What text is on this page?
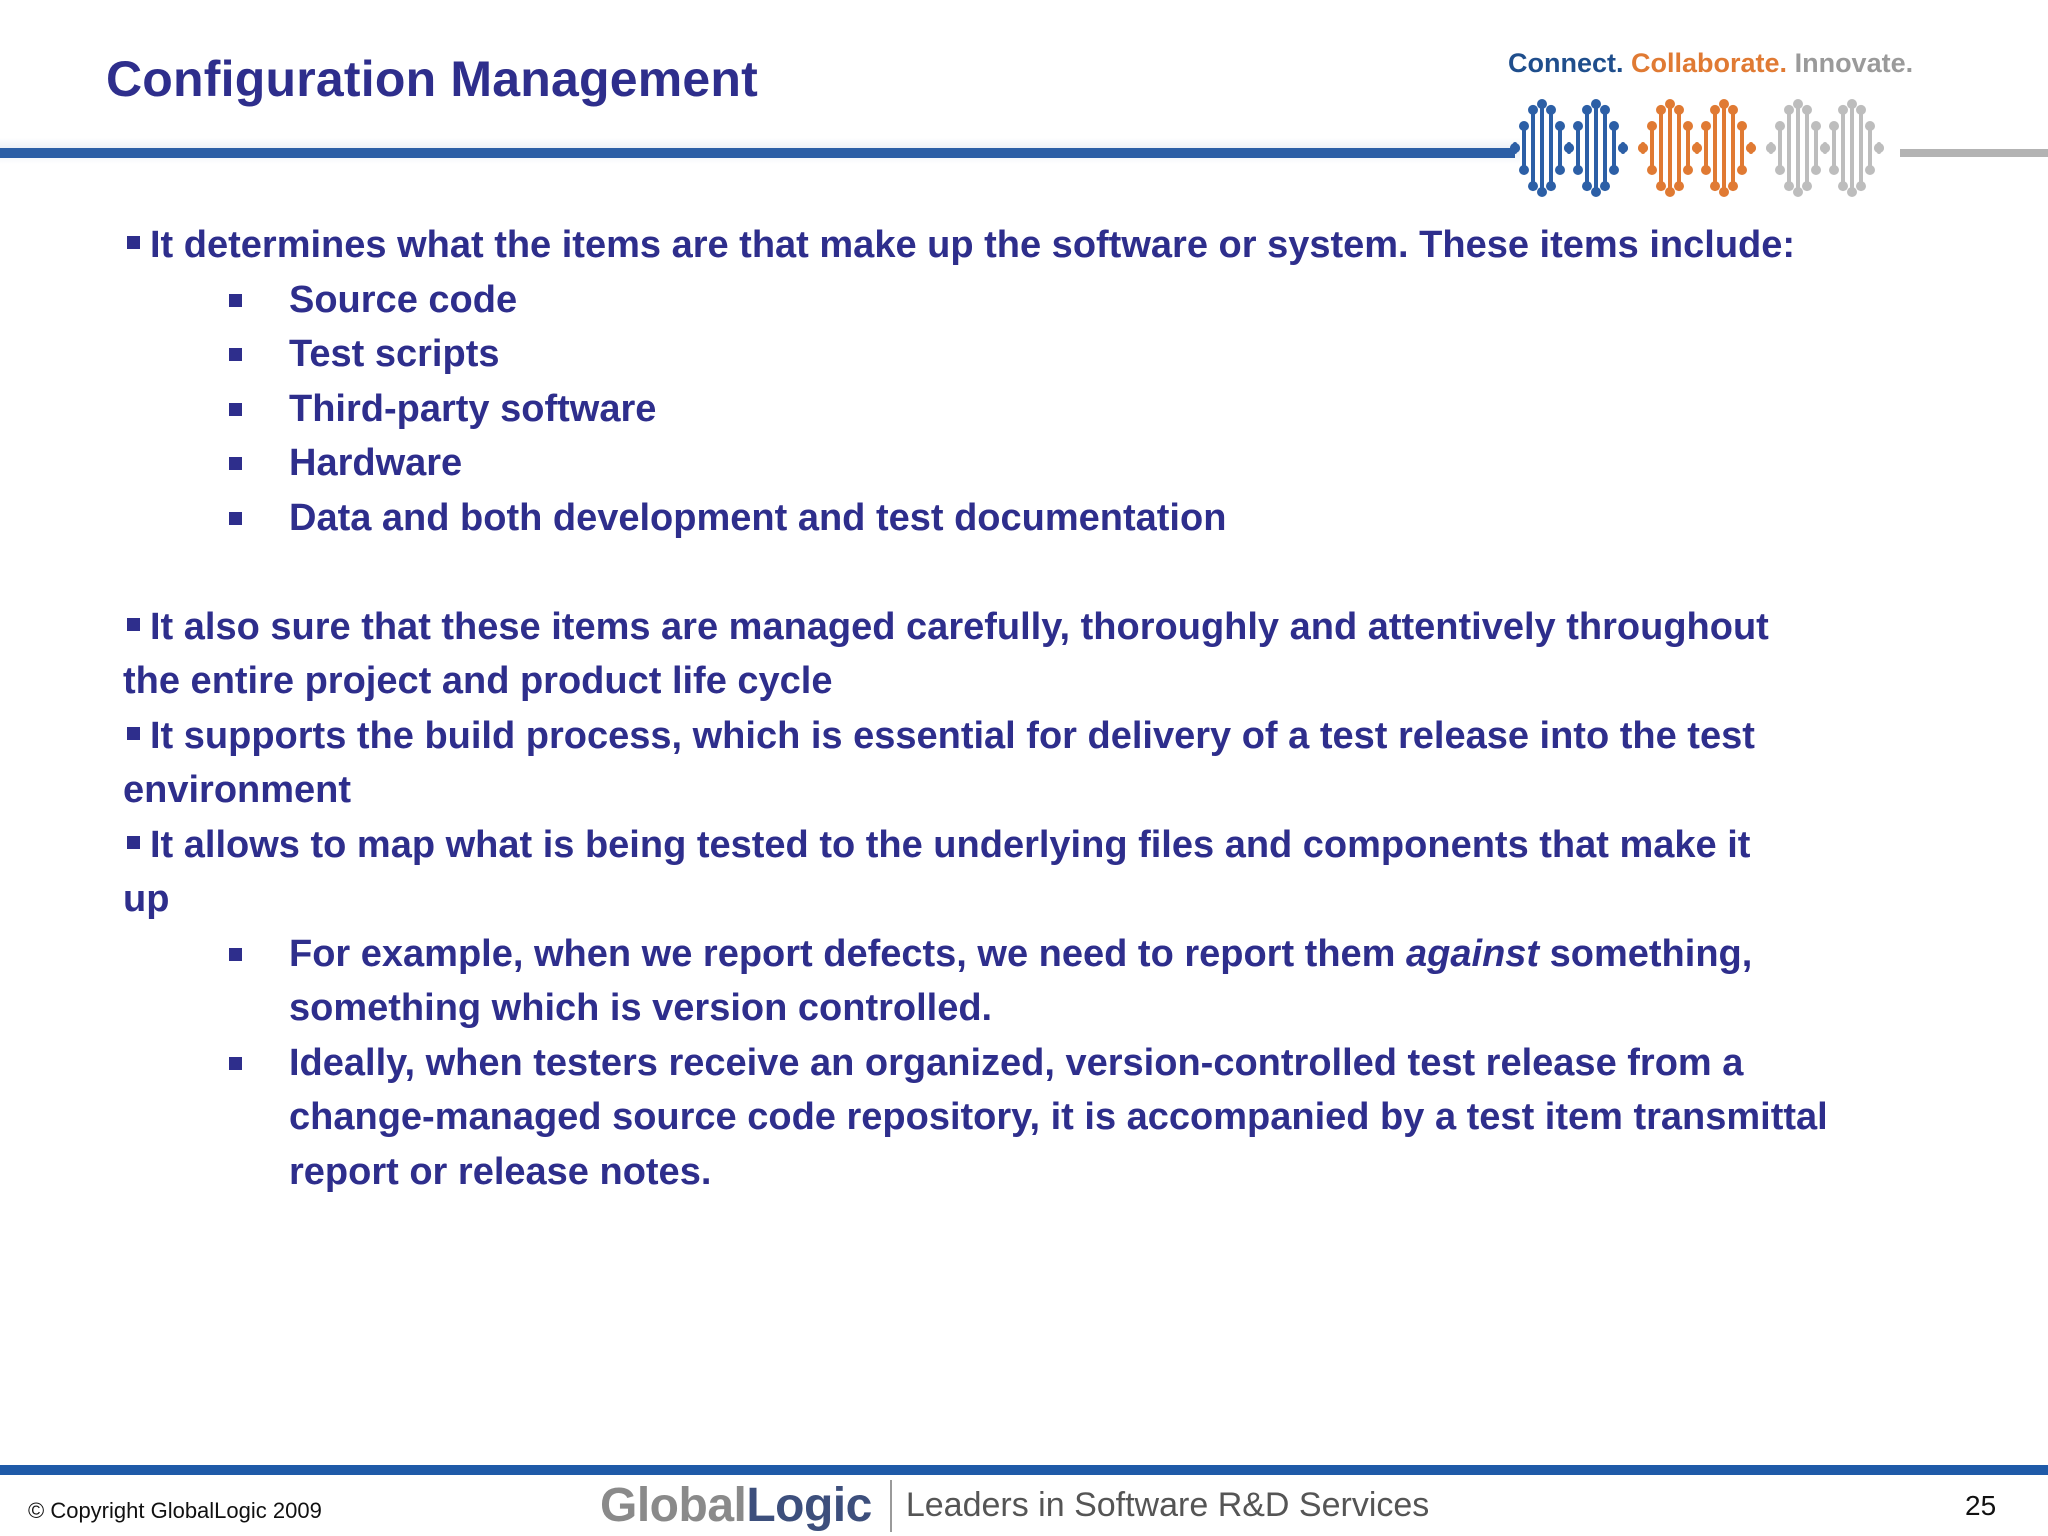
Configuration Management	Connect. Collaborate. Innovate.
It determines what the items are that make up the software or system. These items include:
Source code
Test scripts
Third-party software
Hardware
Data and both development and test documentation
It also sure that these items are managed carefully, thoroughly and attentively throughout
the entire project and product life cycle
It supports the build process, which is essential for delivery of a test release into the test
environment
It allows to map what is being tested to the underlying files and components that make it
up
For example, when we report defects, we need to report them against something,
something which is version controlled.
Ideally, when testers receive an organized, version-controlled test release from a
change-managed source code repository, it is accompanied by a test item transmittal
report or release notes.
© Copyright GlobalLogic 2009	GlobalLogic Leaders in Software R&D Services	25
